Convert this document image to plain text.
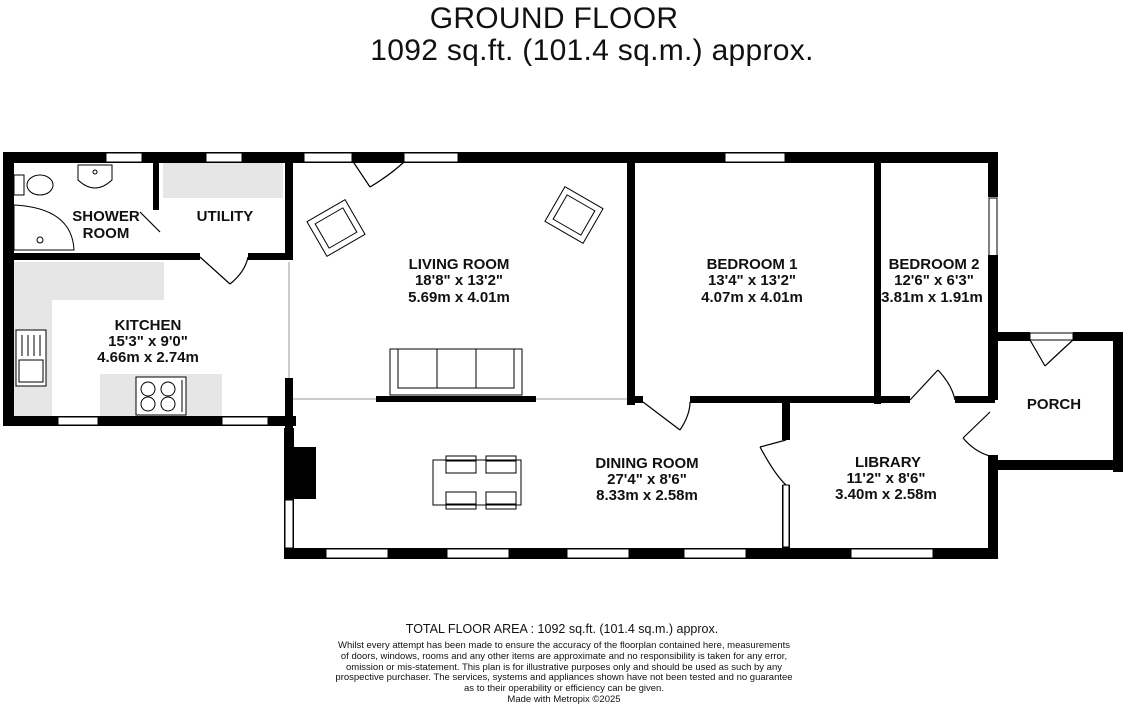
GROUND FLOOR
1092 sq.ft. (101.4 sq.m.) approx.
SHOWER
ROOM
UTILITY
KITCHEN
15'3" x 9'0"
4.66m x 2.74m
LIVING ROOM
18'8" x 13'2"
5.69m x 4.01m
BEDROOM 1
13'4" x 13'2"
4.07m x 4.01m
BEDROOM 2
12'6" x 6'3"
3.81m x 1.91m
PORCH
DINING ROOM
27'4" x 8'6"
8.33m x 2.58m
LIBRARY
11'2" x 8'6"
3.40m x 2.58m
TOTAL FLOOR AREA : 1092 sq.ft. (101.4 sq.m.) approx.
Whilst every attempt has been made to ensure the accuracy of the floorplan contained here, measurements
of doors, windows, rooms and any other items are approximate and no responsibility is taken for any error,
omission or mis-statement. This plan is for illustrative purposes only and should be used as such by any
prospective purchaser. The services, systems and appliances shown have not been tested and no guarantee
as to their operability or efficiency can be given.
Made with Metropix ©2025
